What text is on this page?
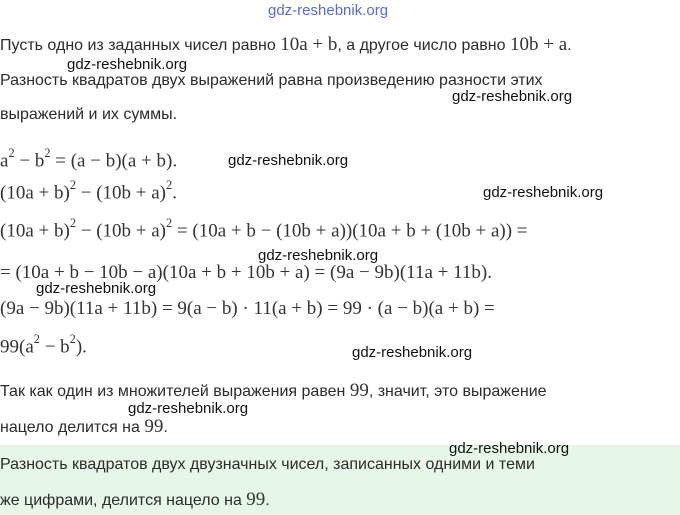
gdz-reshebnik.org
Пусть одно из заданных чисел равно 10a + b, а другое число равно 10b + a.
gdz-reshebnik.org
Разность квадратов двух выражений равна произведению разности этих
gdz-reshebnik.org
выражений и их суммы.
$a^2 - b^2 = (a - b)(a + b)$.	gdz-reshebnik.org
$(10a + b)^2 - (10b + a)^2$.	gdz-reshebnik.org
$(10a + b)^2 - (10b + a)^2 = (10a + b - (10b + a))(10a + b + (10b + a))$ =
gdz-reshebnik.org
= (10a + b − 10b − a)(10a + b + 10b + a) = (9a − 9b)(11a + 11b).
gdz-reshebnik.org
(9a − 9b)(11a + 11b) = 9(a − b) · 11(a + b) = 99 · (a − b)(a + b) =
$99(a^2 - b^2)$.	gdz-reshebnik.org
Так как один из множителей выражения равен 99, значит, это выражение
gdz-reshebnik.org
нацело делится на 99.
gdz-reshebnik.org
Разность квадратов двух двузначных чисел, записанных одними и теми
же цифрами, делится нацело на 99.
